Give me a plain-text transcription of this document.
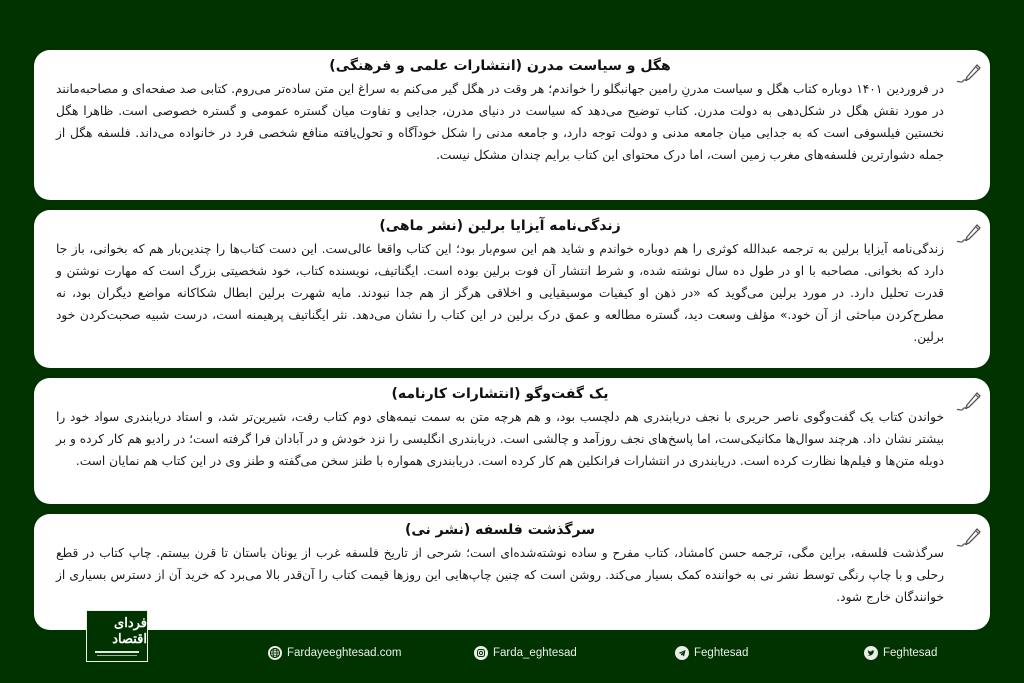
هگل و سیاست مدرن (انتشارات علمی و فرهنگی)

در فروردین ۱۴۰۱ دوباره کتاب هگل و سیاست مدرنِ رامین جهانبگلو را خواندم؛ هر وقت در هگل گیر می‌کنم به سراغ این متن ساده‌تر می‌روم. کتابی صد صفحه‌ای و مصاحبه‌مانند در مورد نقش هگل در شکل‌دهی به دولت مدرن. کتاب توضیح می‌دهد که سیاست در دنیای مدرن، جدایی و تفاوت میان گستره عمومی و گستره خصوصی است. ظاهرا هگل نخستین فیلسوفی است که به جدایی میان جامعه مدنی و دولت توجه دارد، و جامعه مدنی را شکل خودآگاه و تحول‌یافته منافع شخصی فرد در خانواده می‌داند. فلسفه هگل از جمله دشوارترین فلسفه‌های مغرب زمین است، اما درک محتوای این کتاب برایم چندان مشکل نیست.

زندگی‌نامه آیزایا برلین (نشر ماهی)

زندگی‌نامه آیزایا برلین به ترجمه عبدالله کوثری را هم دوباره خواندم و شاید هم این سوم‌بار بود؛ این کتاب واقعا عالی‌ست. این دست کتاب‌ها را چندین‌بار هم که بخوانی، باز جا دارد که بخوانی. مصاحبه با او در طول ده سال نوشته شده، و شرط انتشار آن فوت برلین بوده است. ایگناتیف، نویسنده کتاب، خود شخصیتی بزرگ است که مهارت نوشتن و قدرت تحلیل دارد. در مورد برلین می‌گوید که «در ذهن او کیفیات موسیقیایی و اخلاقی هرگز از هم جدا نبودند. مایه شهرت برلین ابطال شکاکانه مواضع دیگران بود، نه مطرح‌کردن مباحثی از آن خود.» مؤلف وسعت دید، گستره مطالعه و عمق درک برلین در این کتاب را نشان می‌دهد. نثر ایگناتیف پرهیمنه است، درست شبیه صحبت‌کردن خود برلین.

یک گفت‌وگو (انتشارات کارنامه)

خواندن کتاب یک گفت‌وگوی ناصر حریری با نجف دریابندری هم دلچسب بود، و هم هرچه متن به سمت نیمه‌های دوم کتاب رفت، شیرین‌تر شد، و استاد دریابندری سواد خود را بیشتر نشان داد. هرچند سوال‌ها مکانیکی‌ست، اما پاسخ‌های نجف روزآمد و چالشی است. دریابندری انگلیسی را نزد خودش و در آبادان فرا گرفته است؛ در رادیو هم کار کرده و بر دوبله متن‌ها و فیلم‌ها نظارت کرده است. دریابندری در انتشارات فرانکلین هم کار کرده است. دریابندری همواره با طنز سخن می‌گفته و طنز وی در این کتاب هم نمایان است.

سرگذشت فلسفه (نشر نی)

سرگذشت فلسفه، براین مگی، ترجمه حسن کامشاد، کتاب مفرح و ساده نوشته‌شده‌ای است؛ شرحی از تاریخ فلسفه غرب از یونان باستان تا قرن بیستم. چاپ کتاب در قطع رحلی و با چاپ رنگی توسط نشر نی به خواننده کمک بسیار می‌کند. روشن است که چنین چاپ‌هایی این روزها قیمت کتاب را آن‌قدر بالا می‌برد که خرید آن از دسترس بسیاری از خوانندگان خارج شود.

فردای اقتصاد
Fardayeeghtesad.com	Farda_eghtesad	Feghtesad	Feghtesad
